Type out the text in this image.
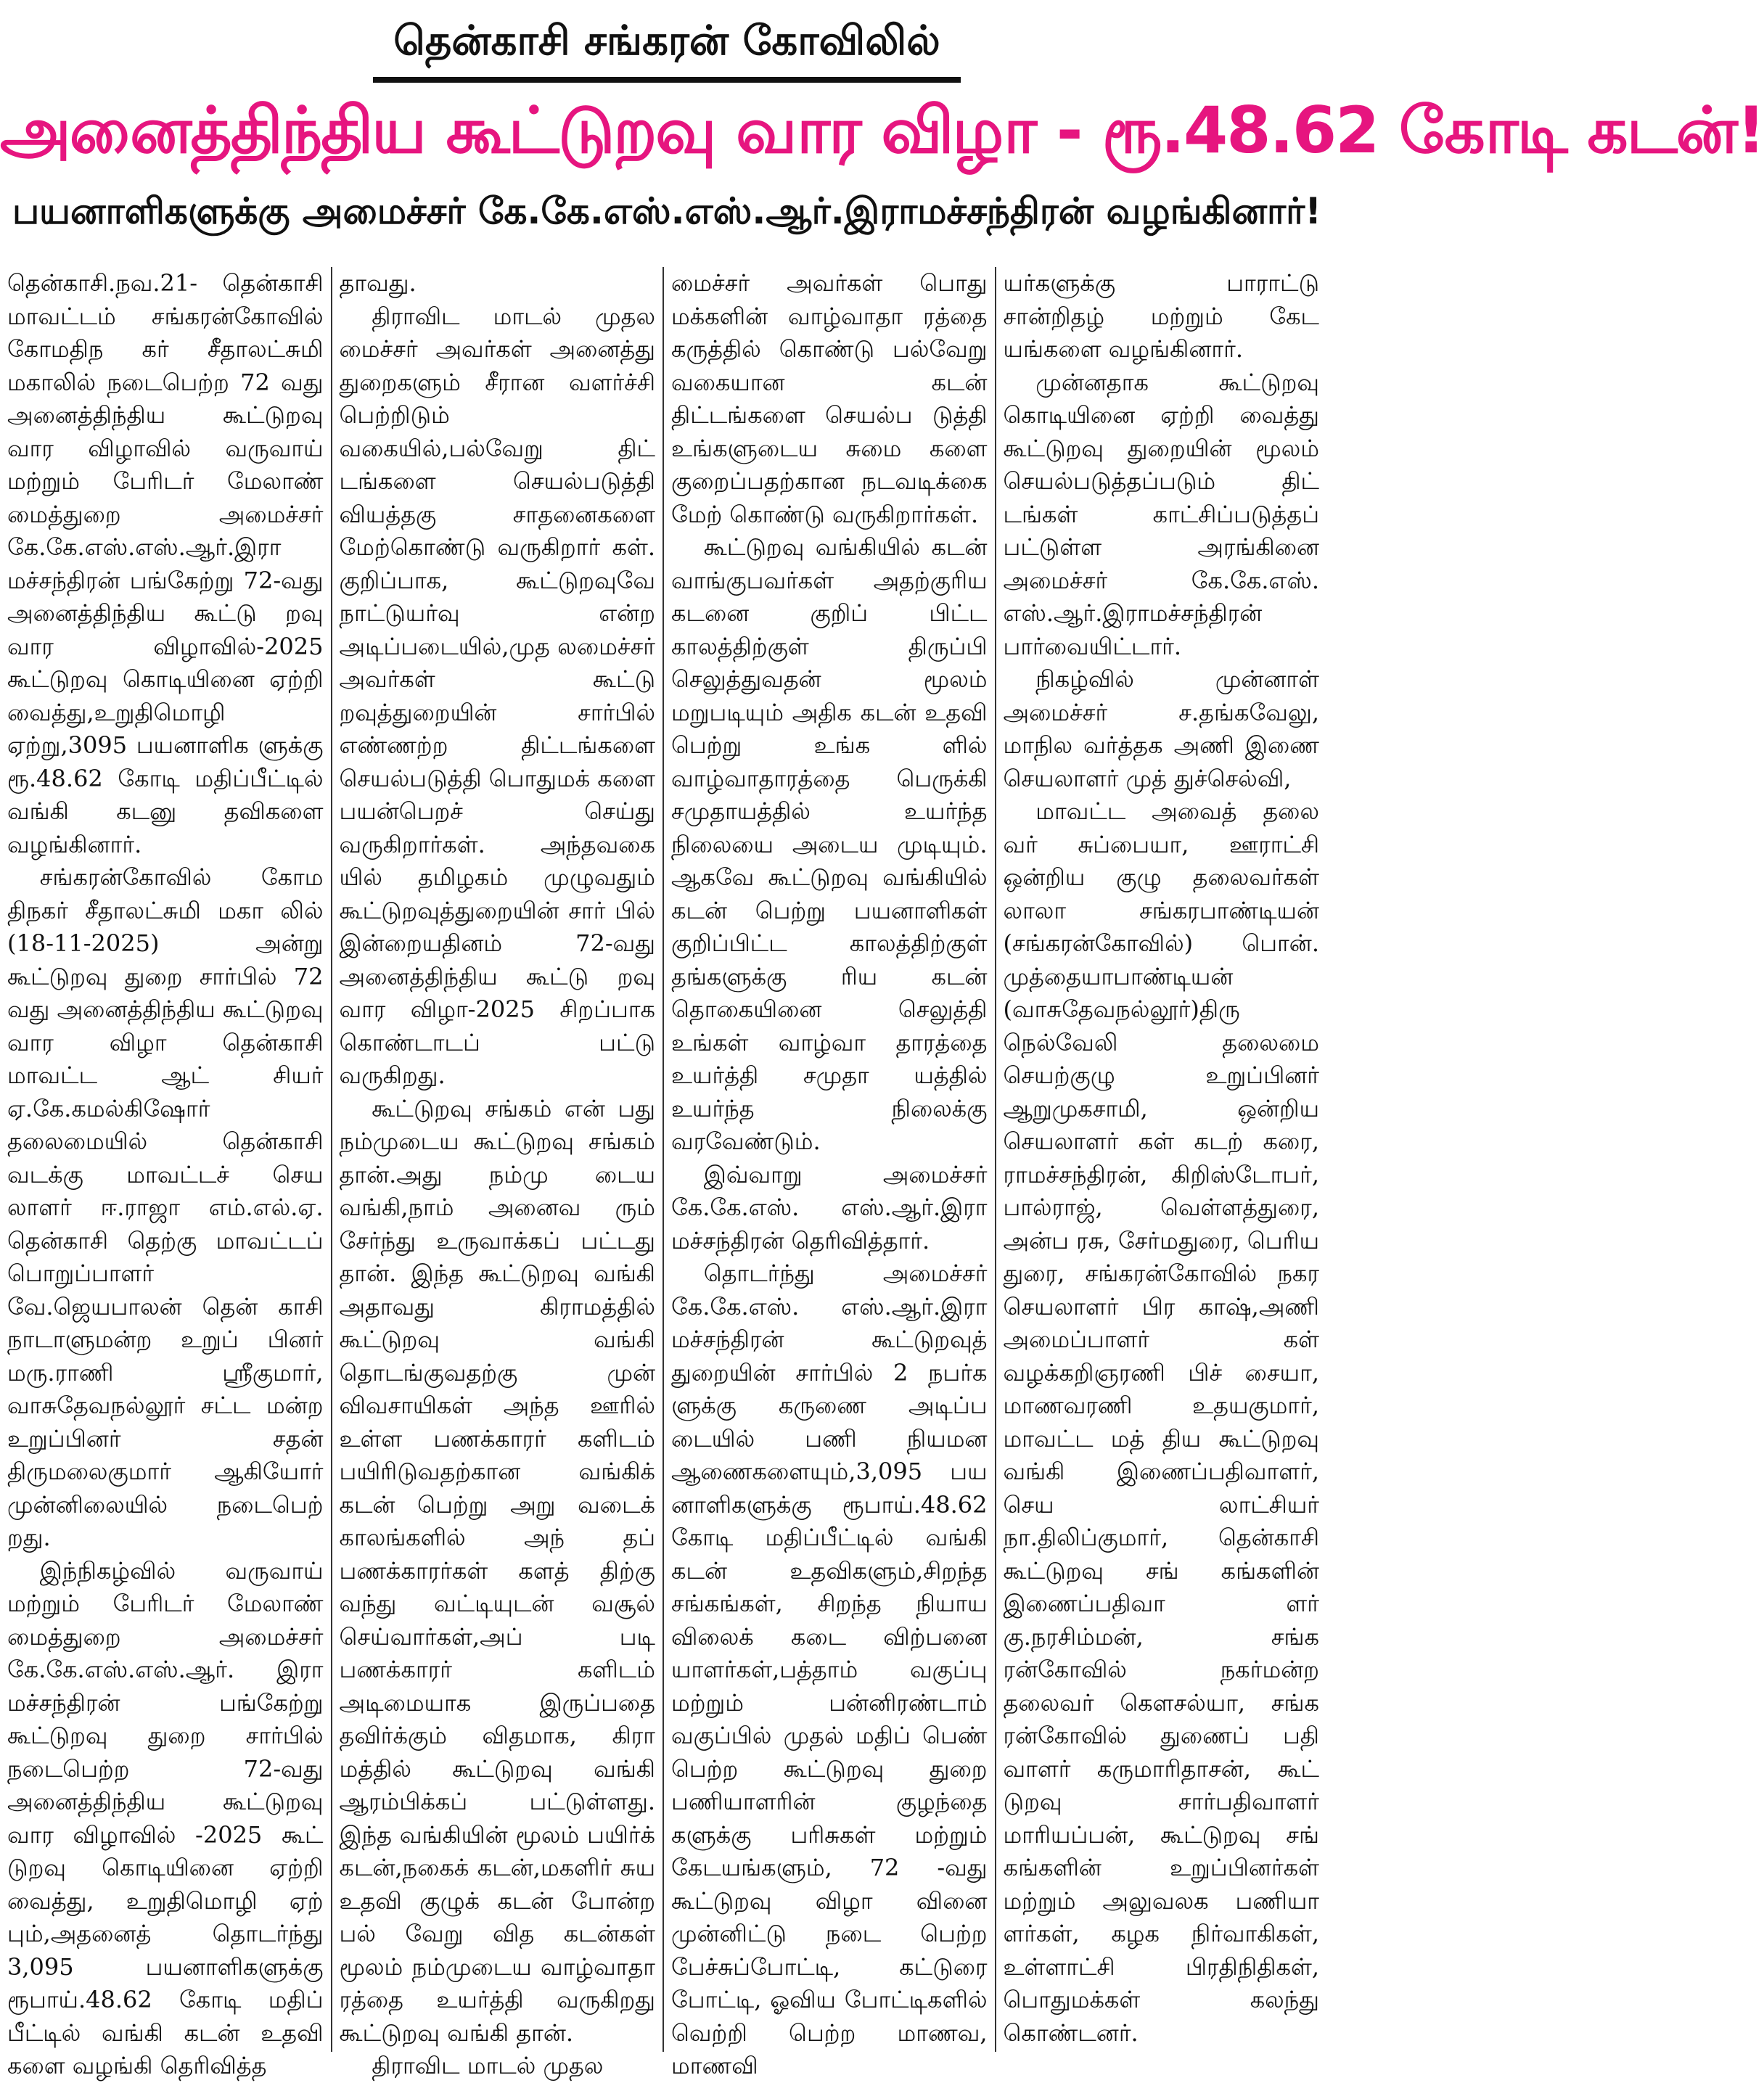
தென்காசி சங்கரன் கோவிலில்
அனைத்திந்திய கூட்டுறவு வார விழா - ரூ.48.62 கோடி கடன்!
பயனாளிகளுக்கு அமைச்சர் கே.கே.எஸ்.எஸ்.ஆர்.இராமச்சந்திரன் வழங்கினார்!

தென்காசி.நவ.21- தென்காசி மாவட்டம் சங்கரன்கோவில் கோமதிந கர் சீதாலட்சுமி மகாலில் நடைபெற்ற 72 வது அனைத்திந்திய கூட்டுறவு வார விழாவில் வருவாய் மற்றும் பேரிடர் மேலாண் மைத்துறை அமைச்சர் கே.கே.எஸ்.எஸ்.ஆர்.இரா மச்சந்திரன் பங்கேற்று 72-வது அனைத்திந்திய கூட்டு றவு வார விழாவில்-2025 கூட்டுறவு கொடியினை ஏற்றி வைத்து,உறுதிமொழி ஏற்று,3095 பயனாளிக ளுக்கு ரூ.48.62 கோடி மதிப்பீட்டில் வங்கி கடனு தவிகளை வழங்கினார்.

சங்கரன்கோவில் கோம திநகர் சீதாலட்சுமி மகா லில் (18-11-2025) அன்று கூட்டுறவு துறை சார்பில் 72 வது அனைத்திந்திய கூட்டுறவு வார விழா தென்காசி மாவட்ட ஆட் சியர் ஏ.கே.கமல்கிஷோர் தலைமையில் தென்காசி வடக்கு மாவட்டச் செய லாளர் ஈ.ராஜா எம்.எல்.ஏ. தென்காசி தெற்கு மாவட்டப் பொறுப்பாளர் வே.ஜெயபாலன் தென் காசி நாடாளுமன்ற உறுப் பினர் மரு.ராணி ஸ்ரீகுமார், வாசுதேவநல்லூர் சட்ட மன்ற உறுப்பினர் சதன் திருமலைகுமார் ஆகியோர் முன்னிலையில் நடைபெற் றது.

இந்நிகழ்வில் வருவாய் மற்றும் பேரிடர் மேலாண் மைத்துறை அமைச்சர் கே.கே.எஸ்.எஸ்.ஆர். இரா மச்சந்திரன் பங்கேற்று கூட்டுறவு துறை சார்பில் நடைபெற்ற 72-வது அனைத்திந்திய கூட்டுறவு வார விழாவில் -2025 கூட் டுறவு கொடியினை ஏற்றி வைத்து, உறுதிமொழி ஏற் பும்,அதனைத் தொடர்ந்து 3,095 பயனாளிகளுக்கு ரூபாய்.48.62 கோடி மதிப் பீட்டில் வங்கி கடன் உதவி களை வழங்கி தெரிவித்த

தாவது.

திராவிட மாடல் முதல மைச்சர் அவர்கள் அனைத்து துறைகளும் சீரான வளர்ச்சி பெற்றிடும் வகையில்,பல்வேறு திட் டங்களை செயல்படுத்தி வியத்தகு சாதனைகளை மேற்கொண்டு வருகிறார் கள். குறிப்பாக, கூட்டுறவுவே நாட்டுயர்வு என்ற அடிப்படையில்,முத லமைச்சர் அவர்கள் கூட்டு றவுத்துறையின் சார்பில் எண்ணற்ற திட்டங்களை செயல்படுத்தி பொதுமக் களை பயன்பெறச் செய்து வருகிறார்கள். அந்தவகை யில் தமிழகம் முழுவதும் கூட்டுறவுத்துறையின் சார் பில் இன்றையதினம் 72-வது அனைத்திந்திய கூட்டு றவு வார விழா-2025 சிறப்பாக கொண்டாடப் பட்டு வருகிறது.

கூட்டுறவு சங்கம் என் பது நம்முடைய கூட்டுறவு சங்கம் தான்.அது நம்மு டைய வங்கி,நாம் அனைவ ரும் சேர்ந்து உருவாக்கப் பட்டது தான். இந்த கூட்டுறவு வங்கி அதாவது கிராமத்தில் கூட்டுறவு வங்கி தொடங்குவதற்கு முன் விவசாயிகள் அந்த ஊரில் உள்ள பணக்காரர் களிடம் பயிரிடுவதற்கான வங்கிக் கடன் பெற்று அறு வடைக் காலங்களில் அந் தப் பணக்காரர்கள் களத் திற்கு வந்து வட்டியுடன் வசூல் செய்வார்கள்,அப் படி பணக்காரர் களிடம் அடிமையாக இருப்பதை தவிர்க்கும் விதமாக, கிரா மத்தில் கூட்டுறவு வங்கி ஆரம்பிக்கப் பட்டுள்ளது. இந்த வங்கியின் மூலம் பயிர்க் கடன்,நகைக் கடன்,மகளிர் சுய உதவி குழுக் கடன் போன்ற பல் வேறு வித கடன்கள் மூலம் நம்முடைய வாழ்வாதா ரத்தை உயர்த்தி வருகிறது கூட்டுறவு வங்கி தான்.

திராவிட மாடல் முதல

மைச்சர் அவர்கள் பொது மக்களின் வாழ்வாதா ரத்தை கருத்தில் கொண்டு பல்வேறு வகையான கடன் திட்டங்களை செயல்ப டுத்தி உங்களுடைய சுமை களை குறைப்பதற்கான நடவடிக்கை மேற் கொண்டு வருகிறார்கள்.

கூட்டுறவு வங்கியில் கடன் வாங்குபவர்கள் அதற்குரிய கடனை குறிப் பிட்ட காலத்திற்குள் திருப்பி செலுத்துவதன் மூலம் மறுபடியும் அதிக கடன் உதவி பெற்று உங்க ளில் வாழ்வாதாரத்தை பெருக்கி சமுதாயத்தில் உயர்ந்த நிலையை அடைய முடியும். ஆகவே கூட்டுறவு வங்கியில் கடன் பெற்று பயனாளிகள் குறிப்பிட்ட காலத்திற்குள் தங்களுக்கு ரிய கடன் தொகையினை செலுத்தி உங்கள் வாழ்வா தாரத்தை உயர்த்தி சமுதா யத்தில் உயர்ந்த நிலைக்கு வரவேண்டும்.

இவ்வாறு அமைச்சர் கே.கே.எஸ். எஸ்.ஆர்.இரா மச்சந்திரன் தெரிவித்தார்.

தொடர்ந்து அமைச்சர் கே.கே.எஸ். எஸ்.ஆர்.இரா மச்சந்திரன் கூட்டுறவுத் துறையின் சார்பில் 2 நபர்க ளுக்கு கருணை அடிப்ப டையில் பணி நியமன ஆணைகளையும்,3,095 பய னாளிகளுக்கு ரூபாய்.48.62 கோடி மதிப்பீட்டில் வங்கி கடன் உதவிகளும்,சிறந்த சங்கங்கள், சிறந்த நியாய விலைக் கடை விற்பனை யாளர்கள்,பத்தாம் வகுப்பு மற்றும் பன்னிரண்டாம் வகுப்பில் முதல் மதிப் பெண் பெற்ற கூட்டுறவு துறை பணியாளரின் குழந்தை களுக்கு பரிசுகள் மற்றும் கேடயங்களும், 72 -வது கூட்டுறவு விழா வினை முன்னிட்டு நடை பெற்ற பேச்சுப்போட்டி, கட்டுரை போட்டி, ஓவிய போட்டிகளில் வெற்றி பெற்ற மாணவ, மாணவி

யர்களுக்கு பாராட்டு சான்றிதழ் மற்றும் கேட யங்களை வழங்கினார்.

முன்னதாக கூட்டுறவு கொடியினை ஏற்றி வைத்து கூட்டுறவு துறையின் மூலம் செயல்படுத்தப்படும் திட் டங்கள் காட்சிப்படுத்தப் பட்டுள்ள அரங்கினை அமைச்சர் கே.கே.எஸ். எஸ்.ஆர்.இராமச்சந்திரன் பார்வையிட்டார்.

நிகழ்வில் முன்னாள் அமைச்சர் ச.தங்கவேலு, மாநில வர்த்தக அணி இணை செயலாளர் முத் துச்செல்வி,

மாவட்ட அவைத் தலை வர் சுப்பையா, ஊராட்சி ஒன்றிய குழு தலைவர்கள் லாலா சங்கரபாண்டியன் (சங்கரன்கோவில்) பொன். முத்தையாபாண்டியன் (வாசுதேவநல்லூர்)திரு நெல்வேலி தலைமை செயற்குழு உறுப்பினர் ஆறுமுகசாமி, ஒன்றிய செயலாளர் கள் கடற் கரை, ராமச்சந்திரன், கிறிஸ்டோபர், பால்ராஜ், வெள்ளத்துரை, அன்ப ரசு, சேர்மதுரை, பெரிய துரை, சங்கரன்கோவில் நகர செயலாளர் பிர காஷ்,அணி அமைப்பாளர் கள் வழக்கறிஞரணி பிச் சையா, மாணவரணி உதயகுமார், மாவட்ட மத் திய கூட்டுறவு வங்கி இணைப்பதிவாளர், செய லாட்சியர் நா.திலிப்குமார், தென்காசி கூட்டுறவு சங் கங்களின் இணைப்பதிவா ளர் கு.நரசிம்மன், சங்க ரன்கோவில் நகர்மன்ற தலைவர் கௌசல்யா, சங்க ரன்கோவில் துணைப் பதி வாளர் கருமாரிதாசன், கூட் டுறவு சார்பதிவாளர் மாரியப்பன், கூட்டுறவு சங் கங்களின் உறுப்பினர்கள் மற்றும் அலுவலக பணியா ளர்கள், கழக நிர்வாகிகள், உள்ளாட்சி பிரதிநிதிகள், பொதுமக்கள் கலந்து கொண்டனர்.
